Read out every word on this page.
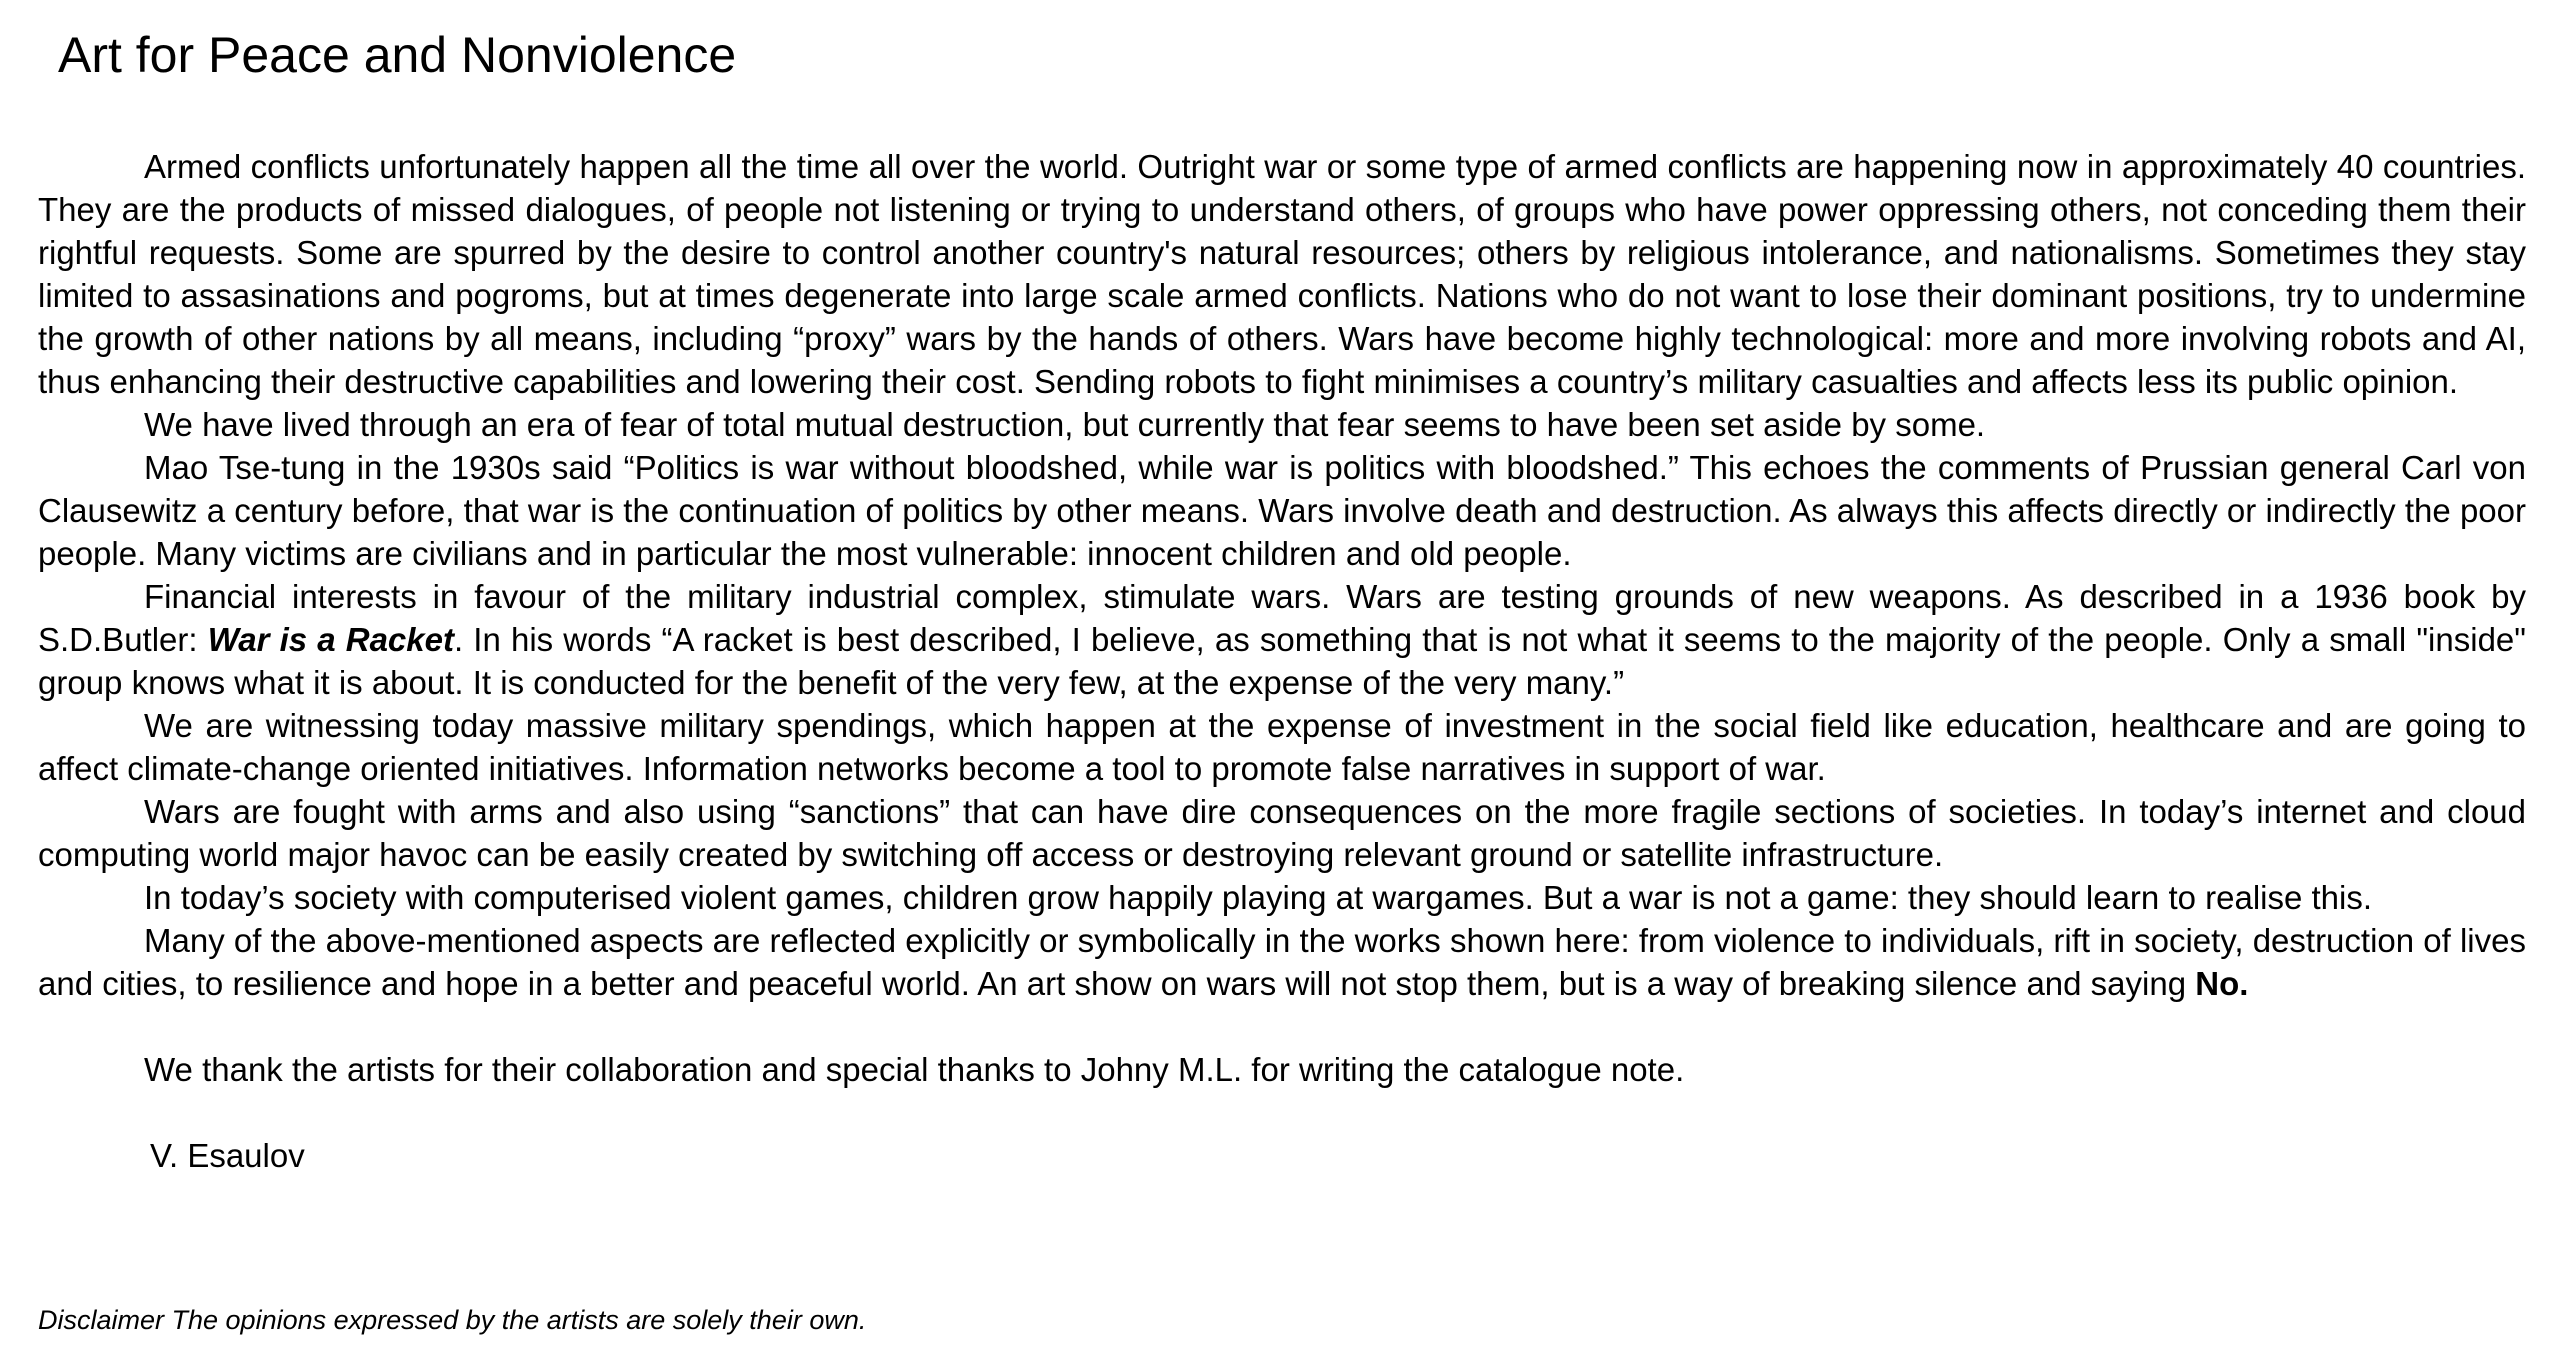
Art for Peace and Nonviolence

Armed conflicts unfortunately happen all the time all over the world. Outright war or some type of armed conflicts are happening now in approximately 40 countries. They are the products of missed dialogues, of people not listening or trying to understand others, of groups who have power oppressing others, not conceding them their rightful requests. Some are spurred by the desire to control another country's natural resources; others by religious intolerance, and nationalisms. Sometimes they stay limited to assasinations and pogroms, but at times degenerate into large scale armed conflicts. Nations who do not want to lose their dominant positions, try to undermine the growth of other nations by all means, including “proxy” wars by the hands of others. Wars have become highly technological: more and more involving robots and AI, thus enhancing their destructive capabilities and lowering their cost. Sending robots to fight minimises a country’s military casualties and affects less its public opinion.

We have lived through an era of fear of total mutual destruction, but currently that fear seems to have been set aside by some.

Mao Tse-tung in the 1930s said “Politics is war without bloodshed, while war is politics with bloodshed.” This echoes the comments of Prussian general Carl von Clausewitz a century before, that war is the continuation of politics by other means. Wars involve death and destruction. As always this affects directly or indirectly the poor people. Many victims are civilians and in particular the most vulnerable: innocent children and old people.

Financial interests in favour of the military industrial complex, stimulate wars. Wars are testing grounds of new weapons. As described in a 1936 book by S.D.Butler: War is a Racket. In his words “A racket is best described, I believe, as something that is not what it seems to the majority of the people. Only a small "inside" group knows what it is about. It is conducted for the benefit of the very few, at the expense of the very many.”

We are witnessing today massive military spendings, which happen at the expense of investment in the social field like education, healthcare and are going to affect climate-change oriented initiatives. Information networks become a tool to promote false narratives in support of war.

Wars are fought with arms and also using “sanctions” that can have dire consequences on the more fragile sections of societies. In today’s internet and cloud computing world major havoc can be easily created by switching off access or destroying relevant ground or satellite infrastructure.

In today’s society with computerised violent games, children grow happily playing at wargames. But a war is not a game: they should learn to realise this.

Many of the above-mentioned aspects are reflected explicitly or symbolically in the works shown here: from violence to individuals, rift in society, destruction of lives and cities, to resilience and hope in a better and peaceful world. An art show on wars will not stop them, but is a way of breaking silence and saying No.

We thank the artists for their collaboration and special thanks to Johny M.L. for writing the catalogue note.

V. Esaulov

Disclaimer The opinions expressed by the artists are solely their own.
